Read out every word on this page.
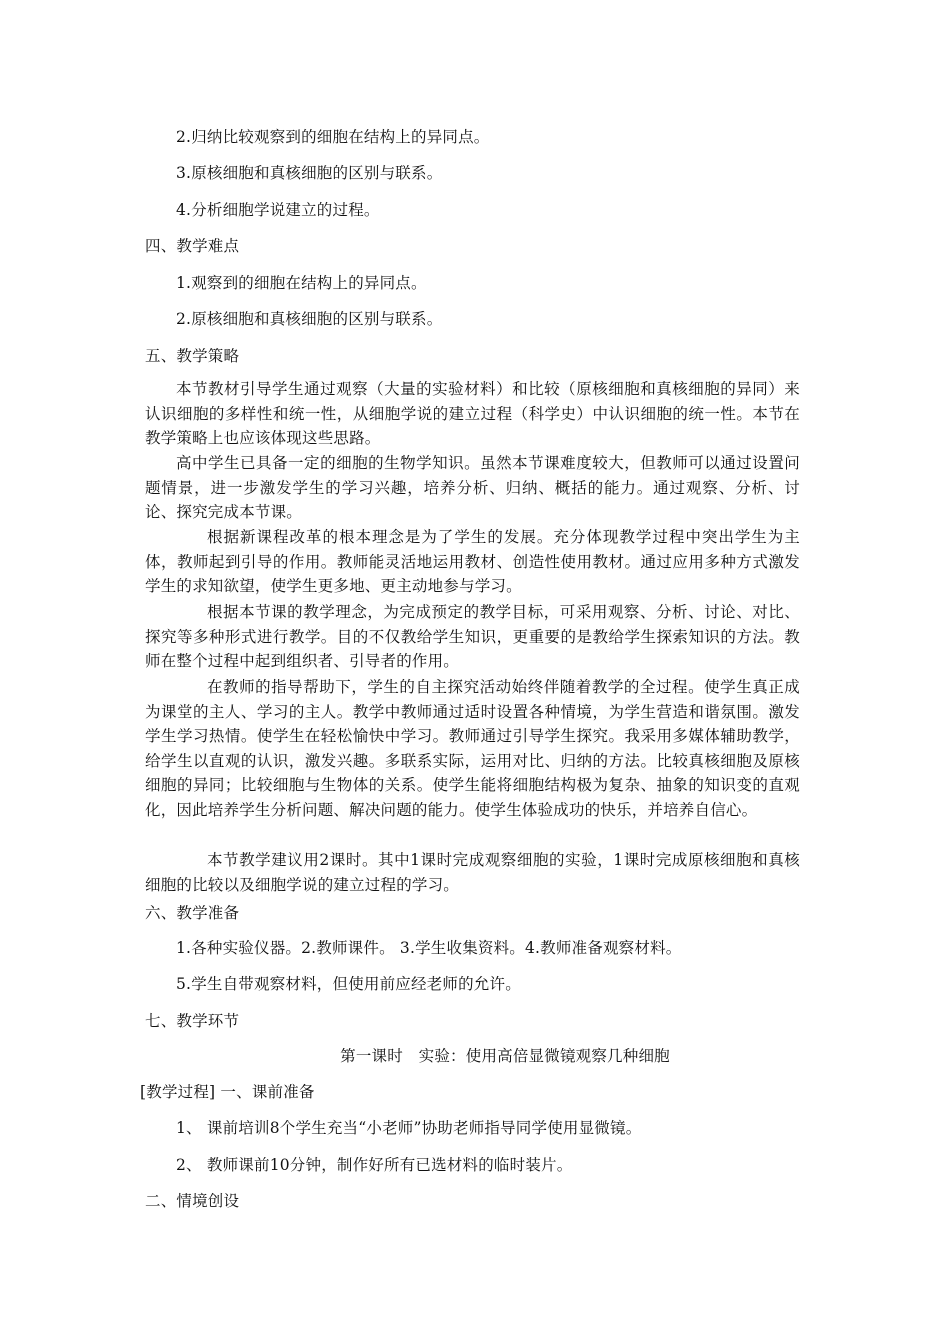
2.归纳比较观察到的细胞在结构上的异同点。
3.原核细胞和真核细胞的区别与联系。
4.分析细胞学说建立的过程。
四、教学难点
1.观察到的细胞在结构上的异同点。
2.原核细胞和真核细胞的区别与联系。
五、教学策略
本节教材引导学生通过观察（大量的实验材料）和比较（原核细胞和真核细胞的异同）来认识细胞的多样性和统一性，从细胞学说的建立过程（科学史）中认识细胞的统一性。本节在教学策略上也应该体现这些思路。
高中学生已具备一定的细胞的生物学知识。虽然本节课难度较大，但教师可以通过设置问题情景，进一步激发学生的学习兴趣，培养分析、归纳、概括的能力。通过观察、分析、讨论、探究完成本节课。
根据新课程改革的根本理念是为了学生的发展。充分体现教学过程中突出学生为主体，教师起到引导的作用。教师能灵活地运用教材、创造性使用教材。通过应用多种方式激发学生的求知欲望，使学生更多地、更主动地参与学习。
根据本节课的教学理念，为完成预定的教学目标，可采用观察、分析、讨论、对比、探究等多种形式进行教学。目的不仅教给学生知识，更重要的是教给学生探索知识的方法。教师在整个过程中起到组织者、引导者的作用。
在教师的指导帮助下，学生的自主探究活动始终伴随着教学的全过程。使学生真正成为课堂的主人、学习的主人。教学中教师通过适时设置各种情境，为学生营造和谐氛围。激发学生学习热情。使学生在轻松愉快中学习。教师通过引导学生探究。我采用多媒体辅助教学，给学生以直观的认识，激发兴趣。多联系实际，运用对比、归纳的方法。比较真核细胞及原核细胞的异同；比较细胞与生物体的关系。使学生能将细胞结构极为复杂、抽象的知识变的直观化，因此培养学生分析问题、解决问题的能力。使学生体验成功的快乐，并培养自信心。
本节教学建议用2课时。其中1课时完成观察细胞的实验，1课时完成原核细胞和真核细胞的比较以及细胞学说的建立过程的学习。
六、教学准备
1.各种实验仪器。2.教师课件。 3.学生收集资料。4.教师准备观察材料。
5.学生自带观察材料，但使用前应经老师的允许。
七、教学环节
第一课时　实验：使用高倍显微镜观察几种细胞
[教学过程] 一、课前准备
1、 课前培训8个学生充当“小老师”协助老师指导同学使用显微镜。
2、 教师课前10分钟，制作好所有已选材料的临时装片。
二、情境创设
